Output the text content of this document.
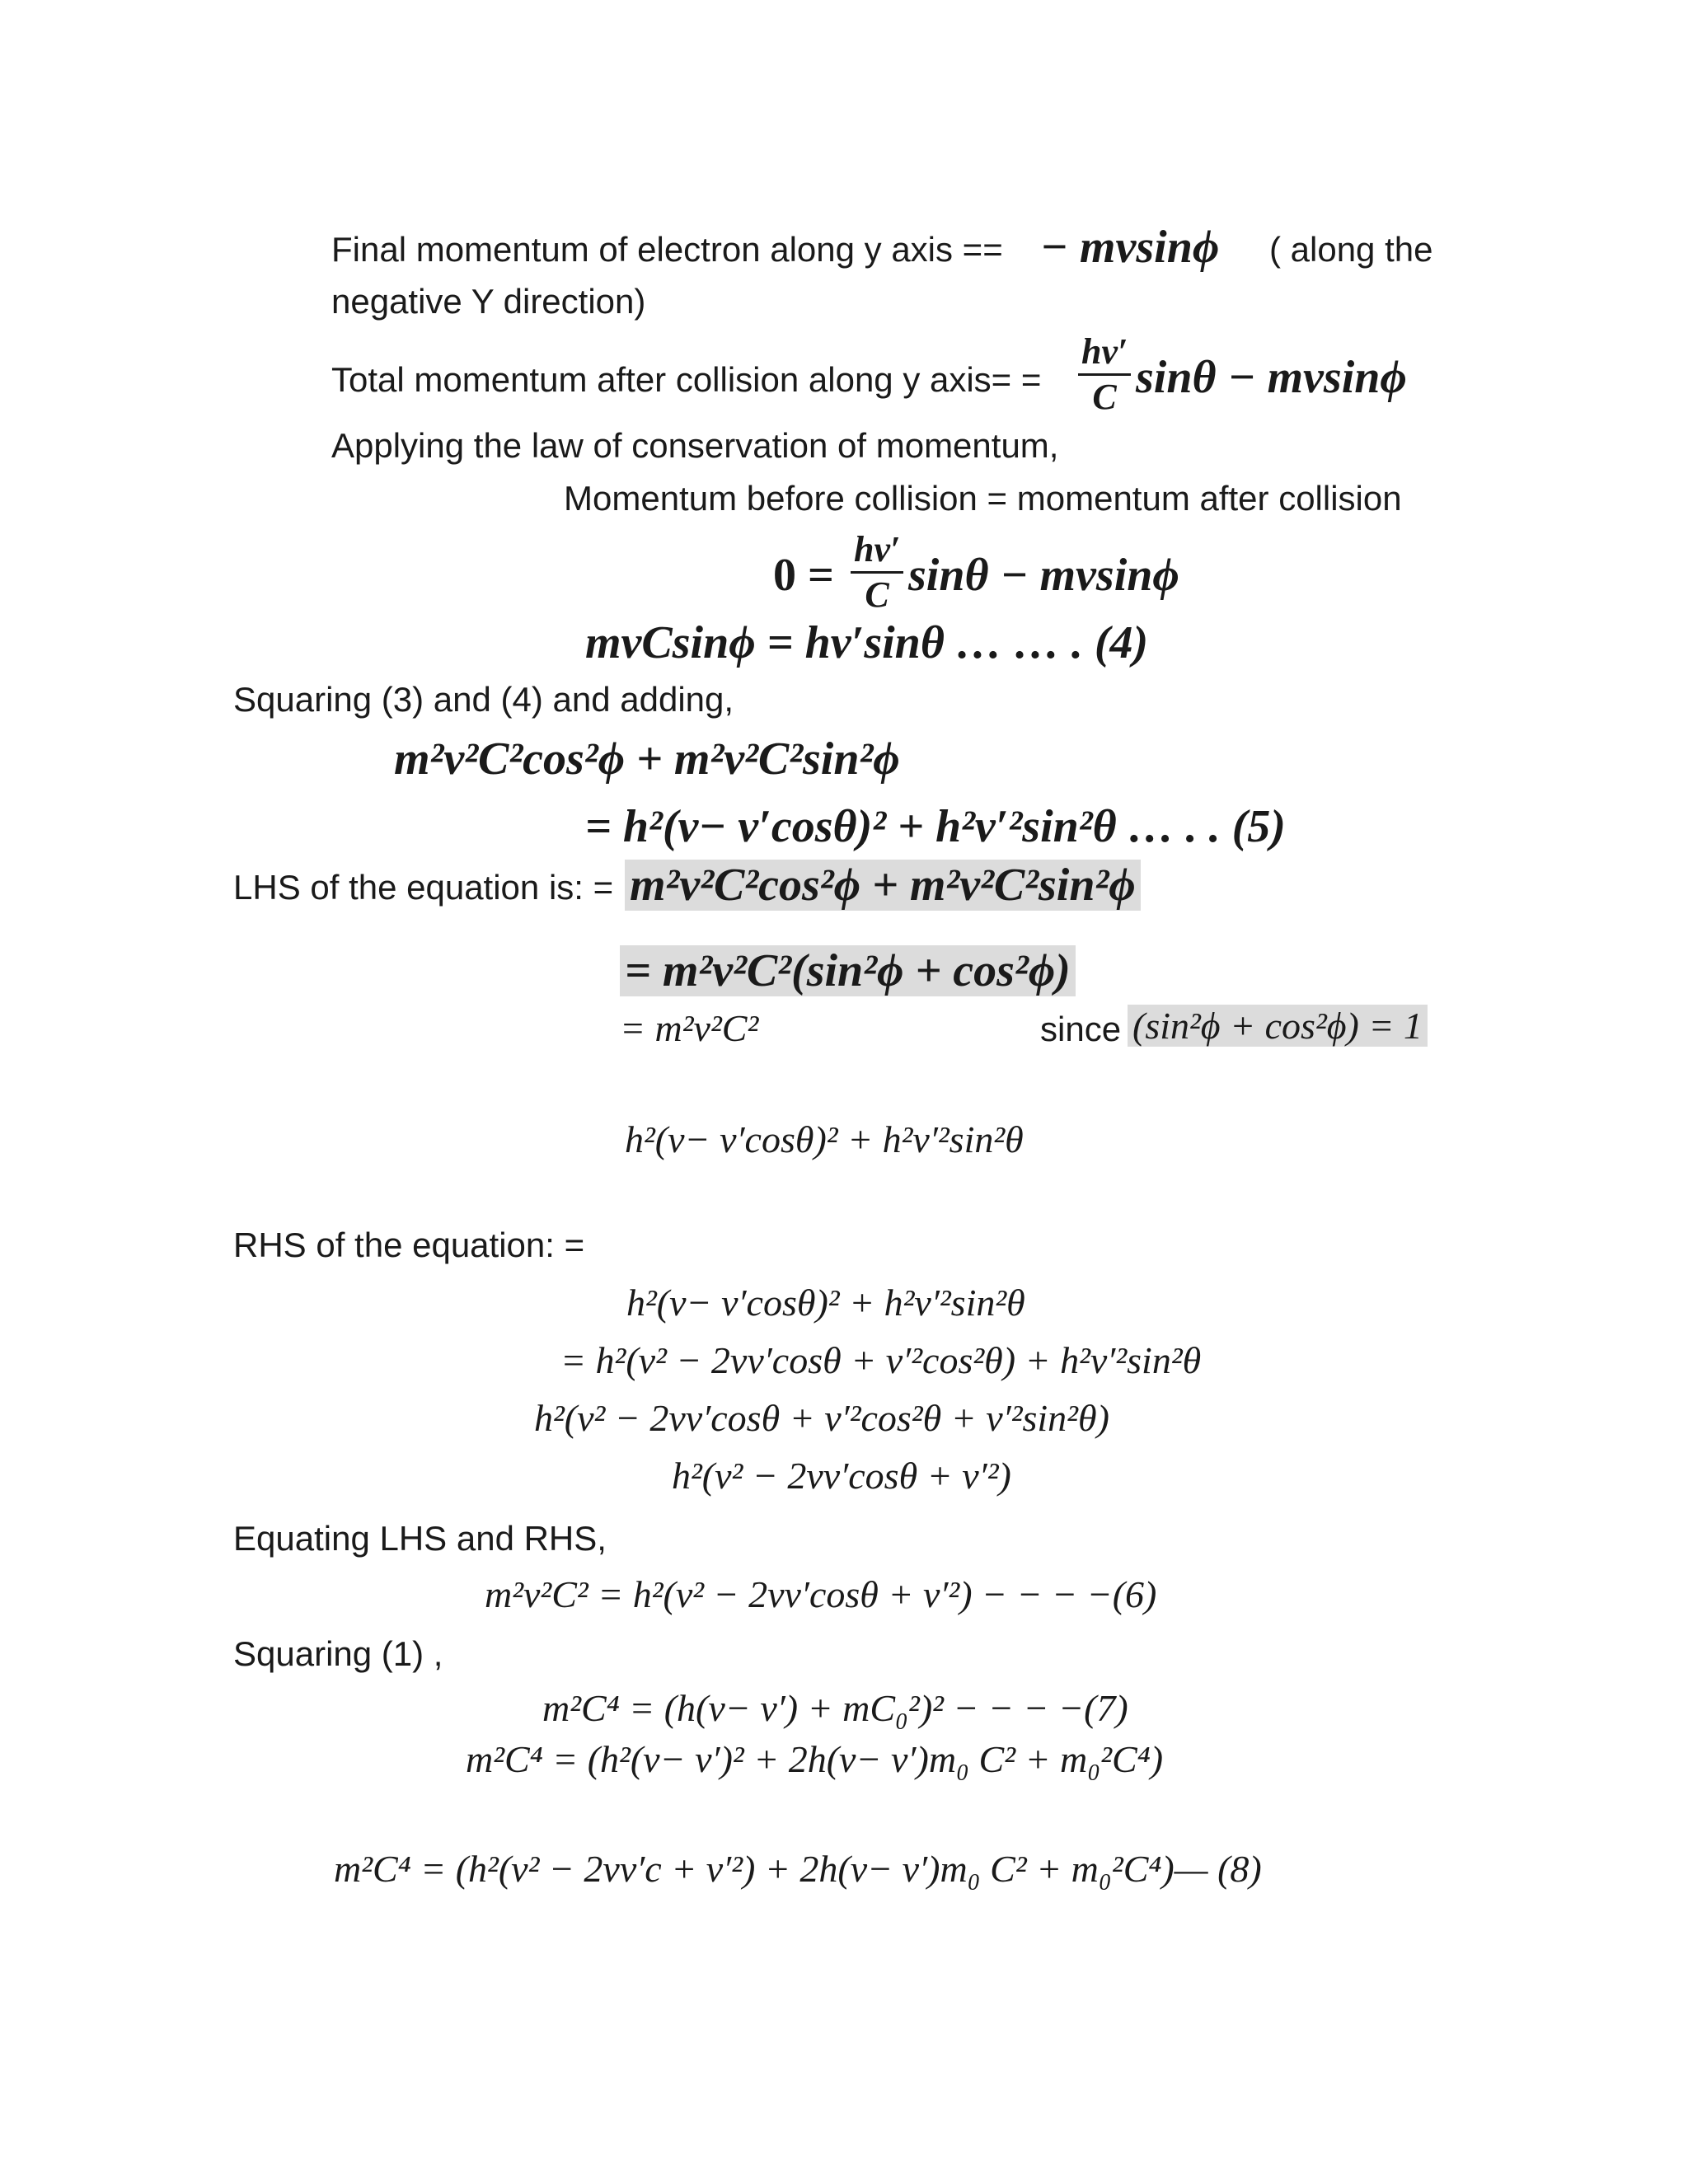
Final momentum of electron along y axis == − mvsinϕ ( along the
negative Y direction)
Total momentum after collision along y axis= =
hν′
C sinθ − mvsinϕ
Applying the law of conservation of momentum,
Momentum before collision = momentum after collision
0 =
hν′
C sinθ − mvsinϕ
mvCsinϕ = hν′sinθ … … . (4)
Squaring (3) and (4) and adding,
m²v²C²cos²ϕ + m²v²C²sin²ϕ
= h²(ν− ν′cosθ)² + h²ν′²sin²θ … . . (5)
LHS of the equation is: = m²v²C²cos²ϕ + m²v²C²sin²ϕ
= m²v²C²(sin²ϕ + cos²ϕ)
= m²v²C²	since (sin²ϕ + cos²ϕ) = 1
h²(ν− ν′cosθ)² + h²ν′²sin²θ
RHS of the equation: =
h²(ν− ν′cosθ)² + h²ν′²sin²θ
= h²(ν² − 2νν′cosθ + ν′²cos²θ) + h²ν′²sin²θ
h²(ν² − 2νν′cosθ + ν′²cos²θ + ν′²sin²θ)
h²(ν² − 2νν′cosθ + ν′²)
Equating LHS and RHS,
m²v²C² = h²(ν² − 2νν′cosθ + ν′²) − − − −(6)
Squaring (1) ,
m²C⁴ = (h(ν− ν′) + mC₀²)² − − − −(7)
m²C⁴ = (h²(ν− ν′)² + 2h(ν− ν′)m₀ C² + m₀²C⁴)
m²C⁴ = (h²(ν² − 2νν′c + ν′²) + 2h(ν− ν′)m₀ C² + m₀²C⁴)— (8)
